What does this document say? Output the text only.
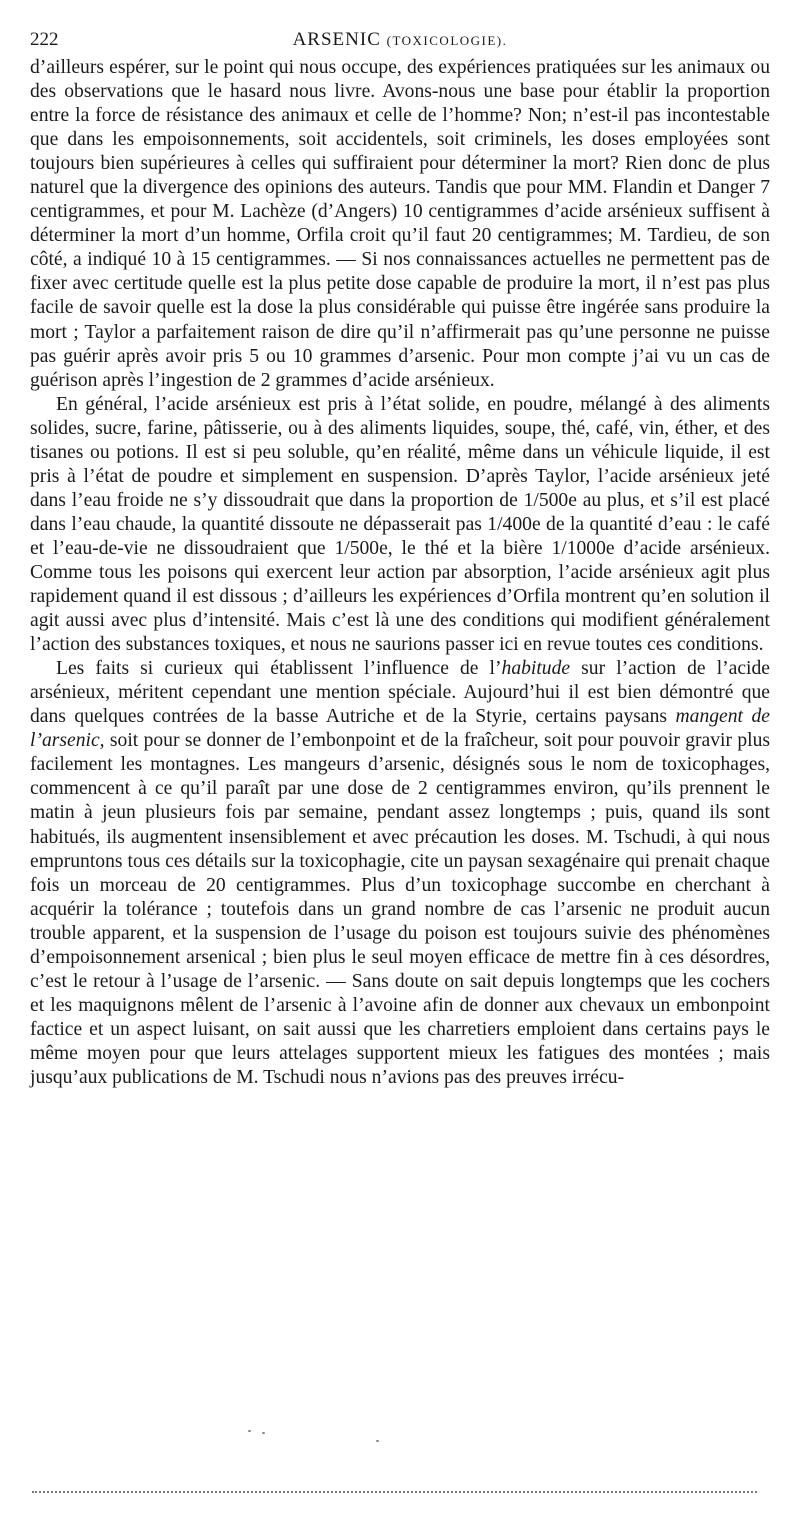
222	ARSENIC (TOXICOLOGIE).

d’ailleurs espérer, sur le point qui nous occupe, des expériences pratiquées sur les animaux ou des observations que le hasard nous livre. Avons-nous une base pour établir la proportion entre la force de résistance des animaux et celle de l’homme? Non; n’est-il pas incontestable que dans les empoisonnements, soit accidentels, soit criminels, les doses employées sont toujours bien supérieures à celles qui suffiraient pour déterminer la mort? Rien donc de plus naturel que la divergence des opinions des auteurs. Tandis que pour MM. Flandin et Danger 7 centigrammes, et pour M. Lachèze (d’Angers) 10 centigrammes d’acide arsénieux suffisent à déterminer la mort d’un homme, Orfila croit qu’il faut 20 centigrammes; M. Tardieu, de son côté, a indiqué 10 à 15 centigrammes. — Si nos connaissances actuelles ne permettent pas de fixer avec certitude quelle est la plus petite dose capable de produire la mort, il n’est pas plus facile de savoir quelle est la dose la plus considérable qui puisse être ingérée sans produire la mort ; Taylor a parfaitement raison de dire qu’il n’affirmerait pas qu’une personne ne puisse pas guérir après avoir pris 5 ou 10 grammes d’arsenic. Pour mon compte j’ai vu un cas de guérison après l’ingestion de 2 grammes d’acide arsénieux.

En général, l’acide arsénieux est pris à l’état solide, en poudre, mélangé à des aliments solides, sucre, farine, pâtisserie, ou à des aliments liquides, soupe, thé, café, vin, éther, et des tisanes ou potions. Il est si peu soluble, qu’en réalité, même dans un véhicule liquide, il est pris à l’état de poudre et simplement en suspension. D’après Taylor, l’acide arsénieux jeté dans l’eau froide ne s’y dissoudrait que dans la proportion de 1/500e au plus, et s’il est placé dans l’eau chaude, la quantité dissoute ne dépasserait pas 1/400e de la quantité d’eau : le café et l’eau-de-vie ne dissoudraient que 1/500e, le thé et la bière 1/1000e d’acide arsénieux. Comme tous les poisons qui exercent leur action par absorption, l’acide arsénieux agit plus rapidement quand il est dissous ; d’ailleurs les expériences d’Orfila montrent qu’en solution il agit aussi avec plus d’intensité. Mais c’est là une des conditions qui modifient généralement l’action des substances toxiques, et nous ne saurions passer ici en revue toutes ces conditions.

Les faits si curieux qui établissent l’influence de l’habitude sur l’action de l’acide arsénieux, méritent cependant une mention spéciale. Aujourd’hui il est bien démontré que dans quelques contrées de la basse Autriche et de la Styrie, certains paysans mangent de l’arsenic, soit pour se donner de l’embonpoint et de la fraîcheur, soit pour pouvoir gravir plus facilement les montagnes. Les mangeurs d’arsenic, désignés sous le nom de toxicophages, commencent à ce qu’il paraît par une dose de 2 centigrammes environ, qu’ils prennent le matin à jeun plusieurs fois par semaine, pendant assez longtemps ; puis, quand ils sont habitués, ils augmentent insensiblement et avec précaution les doses. M. Tschudi, à qui nous empruntons tous ces détails sur la toxicophagie, cite un paysan sexagénaire qui prenait chaque fois un morceau de 20 centigrammes. Plus d’un toxicophage succombe en cherchant à acquérir la tolérance ; toutefois dans un grand nombre de cas l’arsenic ne produit aucun trouble apparent, et la suspension de l’usage du poison est toujours suivie des phénomènes d’empoisonnement arsenical ; bien plus le seul moyen efficace de mettre fin à ces désordres, c’est le retour à l’usage de l’arsenic. — Sans doute on sait depuis longtemps que les cochers et les maquignons mêlent de l’arsenic à l’avoine afin de donner aux chevaux un embonpoint factice et un aspect luisant, on sait aussi que les charretiers emploient dans certains pays le même moyen pour que leurs attelages supportent mieux les fatigues des montées ; mais jusqu’aux publications de M. Tschudi nous n’avions pas des preuves irrécu-
